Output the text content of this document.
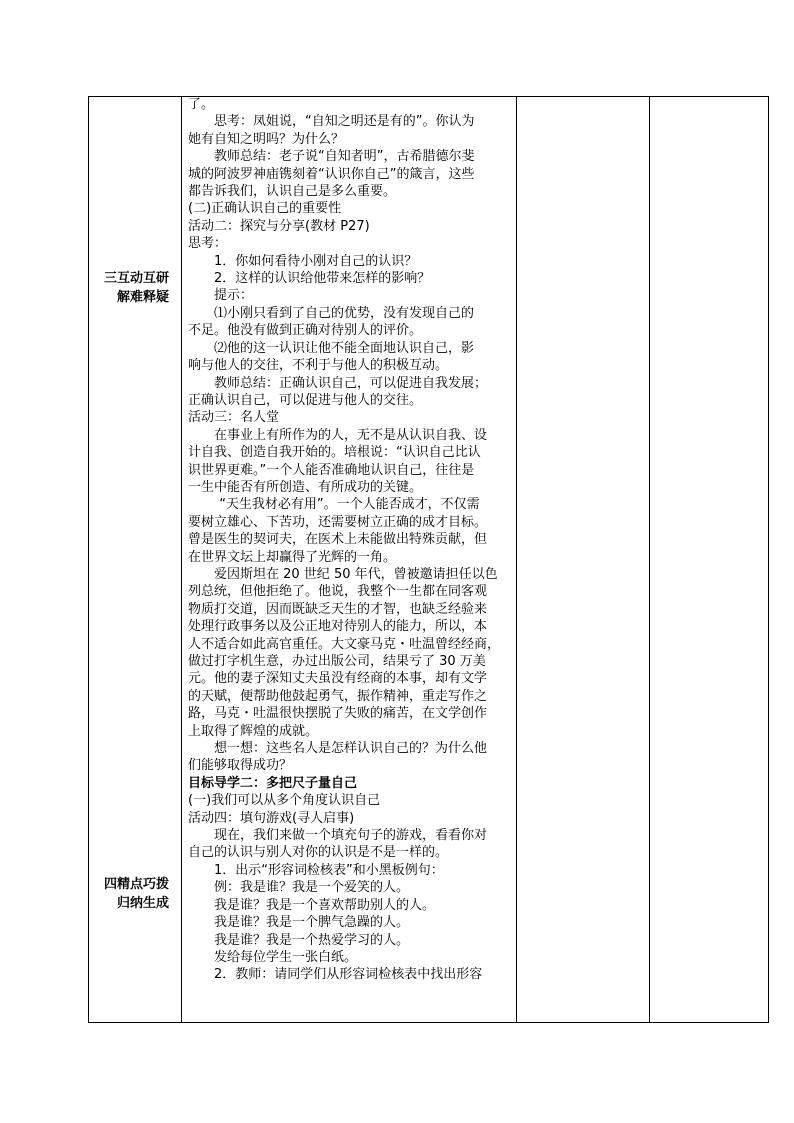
三互动互研
解难释疑
四精点巧拨
归纳生成

了。

思考：凤姐说，“自知之明还是有的”。你认为

她有自知之明吗？为什么？

教师总结：老子说“自知者明”，古希腊德尔斐

城的阿波罗神庙镌刻着“认识你自己”的箴言，这些

都告诉我们，认识自己是多么重要。

(二)正确认识自己的重要性

活动二：探究与分享(教材 P27)

思考：

1．你如何看待小刚对自己的认识？

2．这样的认识给他带来怎样的影响？

提示：

⑴小刚只看到了自己的优势，没有发现自己的

不足。他没有做到正确对待别人的评价。

⑵他的这一认识让他不能全面地认识自己，影

响与他人的交往，不利于与他人的积极互动。

教师总结：正确认识自己，可以促进自我发展；

正确认识自己，可以促进与他人的交往。

活动三：名人堂

在事业上有所作为的人，无不是从认识自我、设

计自我、创造自我开始的。培根说：“认识自己比认

识世界更难。”一个人能否准确地认识自己，往往是

一生中能否有所创造、有所成功的关键。

“天生我材必有用”。一个人能否成才，不仅需

要树立雄心、下苦功，还需要树立正确的成才目标。

曾是医生的契诃夫，在医术上未能做出特殊贡献，但

在世界文坛上却赢得了光辉的一角。

爱因斯坦在 20 世纪 50 年代，曾被邀请担任以色

列总统，但他拒绝了。他说，我整个一生都在同客观

物质打交道，因而既缺乏天生的才智，也缺乏经验来

处理行政事务以及公正地对待别人的能力，所以，本

人不适合如此高官重任。大文豪马克・吐温曾经经商，

做过打字机生意，办过出版公司，结果亏了 30 万美

元。他的妻子深知丈夫虽没有经商的本事，却有文学

的天赋，便帮助他鼓起勇气，振作精神，重走写作之

路，马克・吐温很快摆脱了失败的痛苦，在文学创作

上取得了辉煌的成就。

想一想：这些名人是怎样认识自己的？为什么他

们能够取得成功？

目标导学二：多把尺子量自己

(一)我们可以从多个角度认识自己

活动四：填句游戏(寻人启事)

现在，我们来做一个填充句子的游戏，看看你对

自己的认识与别人对你的认识是不是一样的。

1．出示“形容词检核表”和小黑板例句：

例：我是谁？我是一个爱笑的人。

我是谁？我是一个喜欢帮助别人的人。

我是谁？我是一个脾气急躁的人。

我是谁？我是一个热爱学习的人。

发给每位学生一张白纸。

2．教师：请同学们从形容词检核表中找出形容
